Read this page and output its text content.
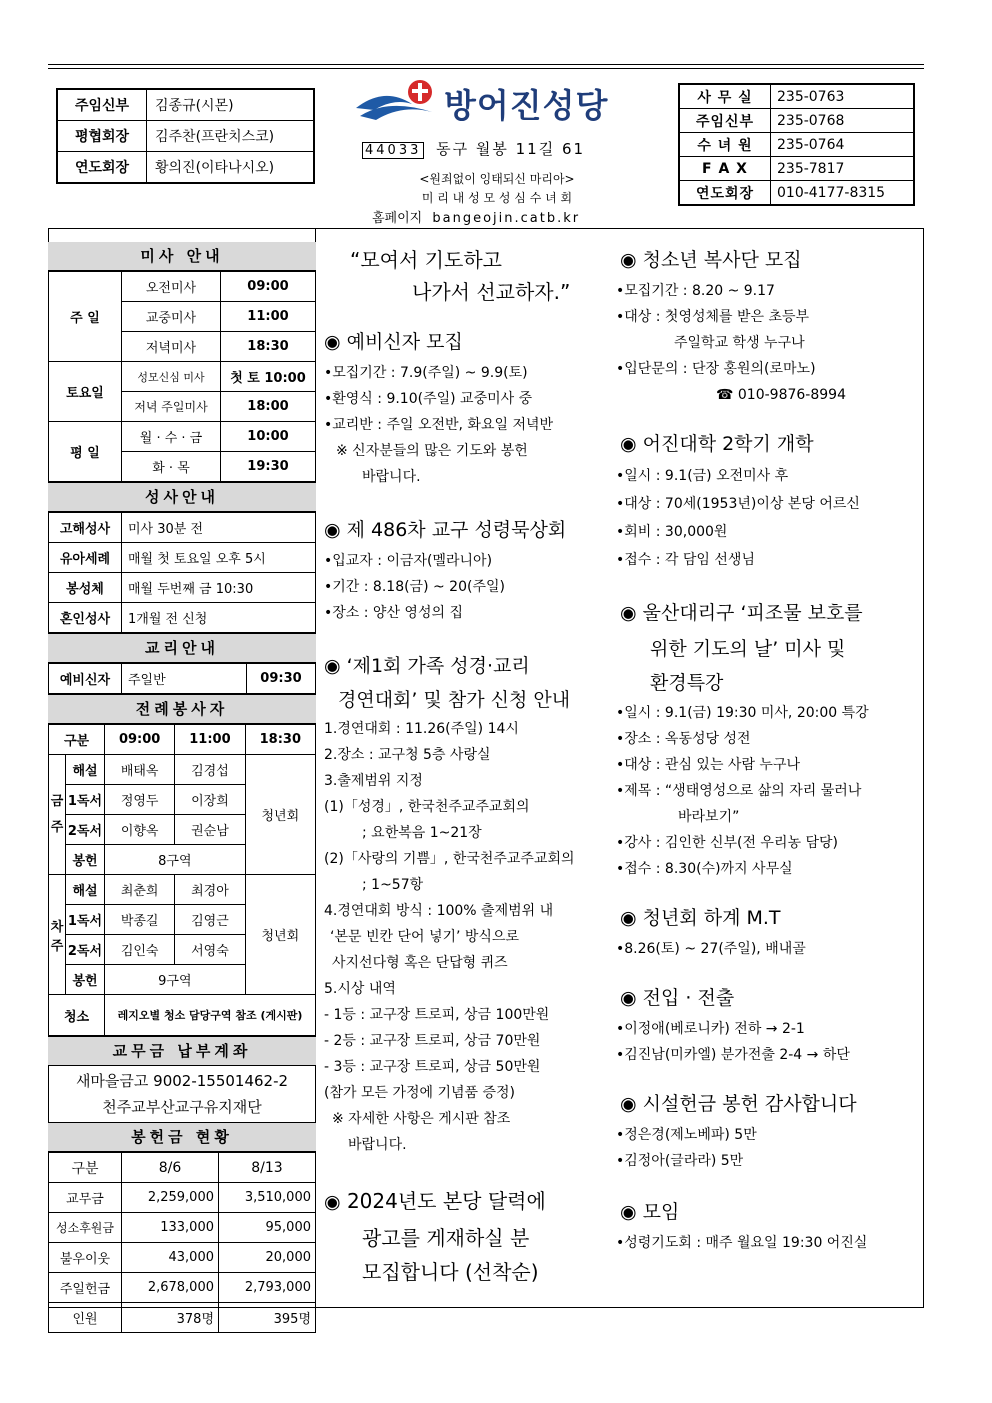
주임신부	김종규(시몬)
평협회장	김주찬(프란치스코)
연도회장	황의진(이타나시오)
방어진성당
44033 동구 월봉 11길 61
<원죄없이 잉태되신 마리아>
미 리 내 성 모 성 심 수 녀 회
홈페이지 bangeojin.catb.kr
사 무 실	235-0763
주임신부	235-0768
수 녀 원	235-0764
F A X	235-7817
연도회장	010-4177-8315
미사 안내
주 일	오전미사	09:00
	교중미사	11:00
	저녁미사	18:30
토요일	성모신심 미사	첫 토 10:00
	저녁 주일미사	18:00
평 일	월 · 수 · 금	10:00
	화 · 목	19:30
성사안내
고해성사	미사 30분 전
유아세례	매월 첫 토요일 오후 5시
봉성체	매월 두번째 금 10:30
혼인성사	1개월 전 신청
교리안내
예비신자	주일반	09:30
전례봉사자
구분		09:00	11:00	18:30
금주	해설	배태옥	김경섭	청년회
	1독서	정영두	이장희	
	2독서	이향옥	권순남	
	봉헌	8구역		
차주	해설	최춘희	최경아	청년회
	1독서	박종길	김영근	
	2독서	김인숙	서영숙	
	봉헌	9구역		
청소		레지오별 청소 담당구역 참조 (게시판)		
교무금 납부계좌
새마을금고 9002-15501462-2
천주교부산교구유지재단
봉헌금 현황
구분	8/6	8/13
교무금	2,259,000	3,510,000
성소후원금	133,000	95,000
불우이웃	43,000	20,000
주일헌금	2,678,000	2,793,000
인원	378명	395명
“모여서 기도하고
나가서 선교하자.”
◉ 예비신자 모집
•모집기간 : 7.9(주일) ~ 9.9(토)
•환영식 : 9.10(주일) 교중미사 중
•교리반 : 주일 오전반, 화요일 저녁반
※ 신자분들의 많은 기도와 봉헌
바랍니다.
◉ 제 486차 교구 성령묵상회
•입교자 : 이금자(멜라니아)
•기간 : 8.18(금) ~ 20(주일)
•장소 : 양산 영성의 집
◉ ‘제1회 가족 성경·교리
경연대회’ 및 참가 신청 안내
1.경연대회 : 11.26(주일) 14시
2.장소 : 교구청 5층 사랑실
3.출제범위 지정
(1)「성경」, 한국천주교주교회의
; 요한복음 1~21장
(2)「사랑의 기쁨」, 한국천주교주교회의
; 1~57항
4.경연대회 방식 : 100% 출제범위 내
‘본문 빈칸 단어 넣기’ 방식으로
사지선다형 혹은 단답형 퀴즈
5.시상 내역
- 1등 : 교구장 트로피, 상금 100만원
- 2등 : 교구장 트로피, 상금 70만원
- 3등 : 교구장 트로피, 상금 50만원
(참가 모든 가정에 기념품 증정)
※ 자세한 사항은 게시판 참조
바랍니다.
◉ 2024년도 본당 달력에
광고를 게재하실 분
모집합니다 (선착순)
◉ 청소년 복사단 모집
•모집기간 : 8.20 ~ 9.17
•대상 : 첫영성체를 받은 초등부
주일학교 학생 누구나
•입단문의 : 단장 홍원의(로마노)
☎ 010-9876-8994
◉ 어진대학 2학기 개학
•일시 : 9.1(금) 오전미사 후
•대상 : 70세(1953년)이상 본당 어르신
•회비 : 30,000원
•접수 : 각 담임 선생님
◉ 울산대리구 ‘피조물 보호를
위한 기도의 날’ 미사 및
환경특강
•일시 : 9.1(금) 19:30 미사, 20:00 특강
•장소 : 옥동성당 성전
•대상 : 관심 있는 사람 누구나
•제목 : “생태영성으로 삶의 자리 물러나
바라보기”
•강사 : 김인한 신부(전 우리농 담당)
•접수 : 8.30(수)까지 사무실
◉ 청년회 하계 M.T
•8.26(토) ~ 27(주일), 배내골
◉ 전입 · 전출
•이정애(베로니카) 전하 → 2-1
•김진남(미카엘) 분가전출 2-4 → 하단
◉ 시설헌금 봉헌 감사합니다
•정은경(제노베파) 5만
•김정아(글라라) 5만
◉ 모임
•성령기도회 : 매주 월요일 19:30 어진실
